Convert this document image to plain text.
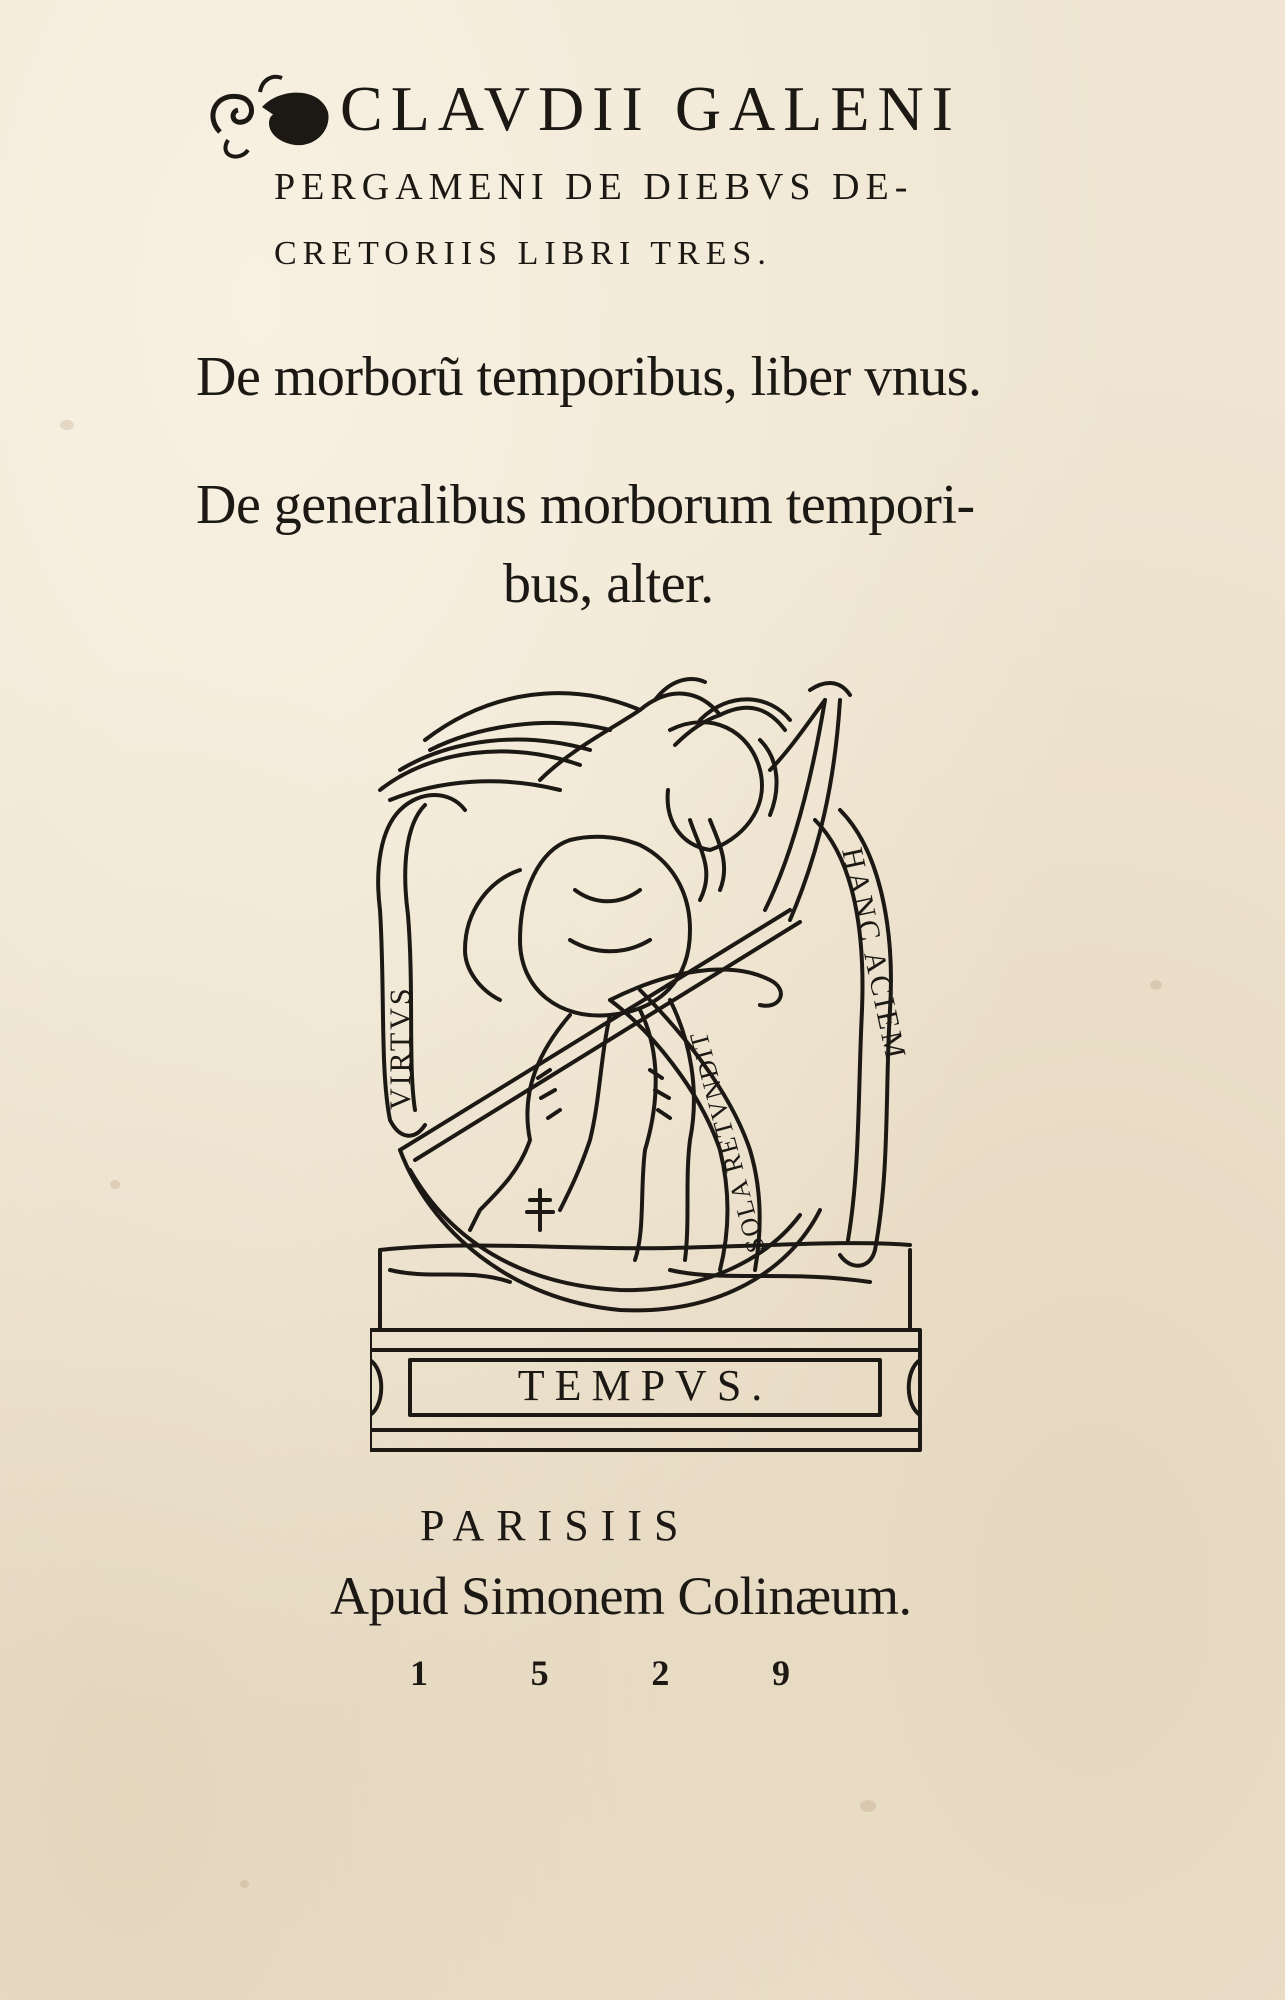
CLAVDII GALENI
PERGAMENI DE DIEBVS DE-
CRETORIIS LIBRI TRES.
De morborũ temporibus, liber vnus.
De generalibus morborum tempori-
bus, alter.
VIRTVS	HANC ACIEM
SOLA RETVNDIT
TEMPVS.
PARISIIS
Apud Simonem Colinæum.
1	5	2	9
